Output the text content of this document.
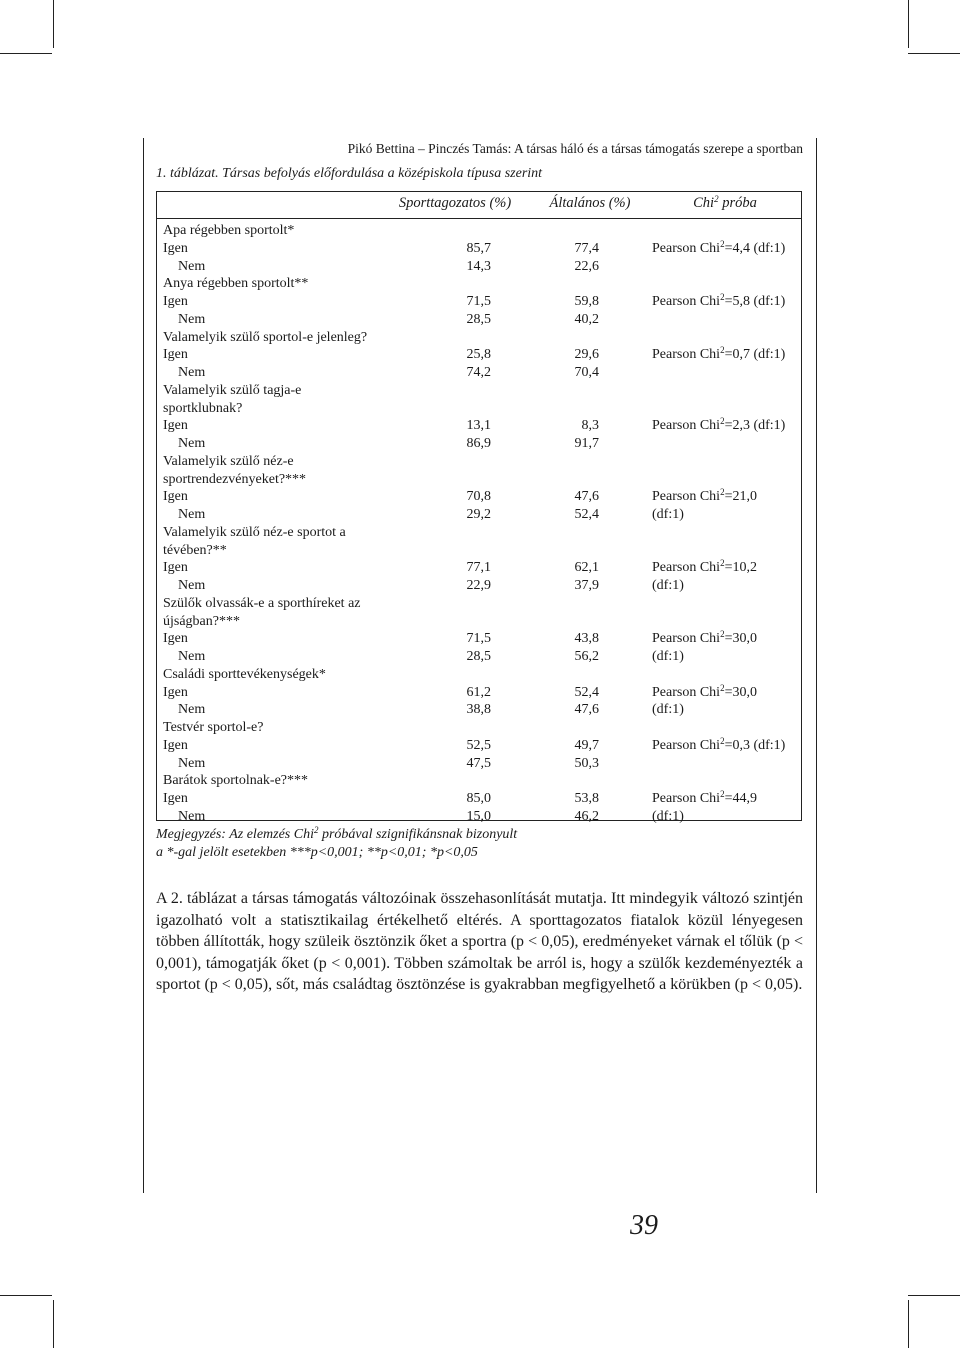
Pikó Bettina – Pinczés Tamás: A társas háló és a társas támogatás szerepe a sportban
1. táblázat. Társas befolyás előfordulása a középiskola típusa szerint
Sporttagozatos (%)	Általános (%)	Chi$^2$ próba
Apa régebben sportolt*
Igen	85,7	77,4	Pearson Chi$^2$=4,4 (df:1)
Nem	14,3	22,6
Anya régebben sportolt**
Igen	71,5	59,8	Pearson Chi$^2$=5,8 (df:1)
Nem	28,5	40,2
Valamelyik szülő sportol-e jelenleg?
Igen	25,8	29,6	Pearson Chi$^2$=0,7 (df:1)
Nem	74,2	70,4
Valamelyik szülő tagja-e
sportklubnak?
Igen	13,1	8,3	Pearson Chi$^2$=2,3 (df:1)
Nem	86,9	91,7
Valamelyik szülő néz-e
sportrendezvényeket?***
Igen	70,8	47,6	Pearson Chi$^2$=21,0
Nem	29,2	52,4	(df:1)
Valamelyik szülő néz-e sportot a
tévében?**
Igen	77,1	62,1	Pearson Chi$^2$=10,2
Nem	22,9	37,9	(df:1)
Szülők olvassák-e a sporthíreket az
újságban?***
Igen	71,5	43,8	Pearson Chi$^2$=30,0
Nem	28,5	56,2	(df:1)
Családi sporttevékenységek*
Igen	61,2	52,4	Pearson Chi$^2$=30,0
Nem	38,8	47,6	(df:1)
Testvér sportol-e?
Igen	52,5	49,7	Pearson Chi$^2$=0,3 (df:1)
Nem	47,5	50,3
Barátok sportolnak-e?***
Igen	85,0	53,8	Pearson Chi$^2$=44,9
Nem	15,0	46,2	(df:1)
Megjegyzés: Az elemzés Chi$^2$ próbával szignifikánsnak bizonyult
a *-gal jelölt esetekben ***p<0,001; **p<0,01; *p<0,05

A 2. táblázat a társas támogatás változóinak összehasonlítását mutatja. Itt mindegyik változó szintjén igazolható volt a statisztikailag értékelhető eltérés. A sporttagozatos fiatalok közül lényegesen többen állították, hogy szüleik ösztönzik őket a sportra (p < 0,05), eredményeket várnak el tőlük (p < 0,001), támogatják őket (p < 0,001). Többen számoltak be arról is, hogy a szülők kezdeményezték a sportot (p < 0,05), sőt, más családtag ösztönzése is gyakrabban megfigyelhető a körükben (p < 0,05).

39
